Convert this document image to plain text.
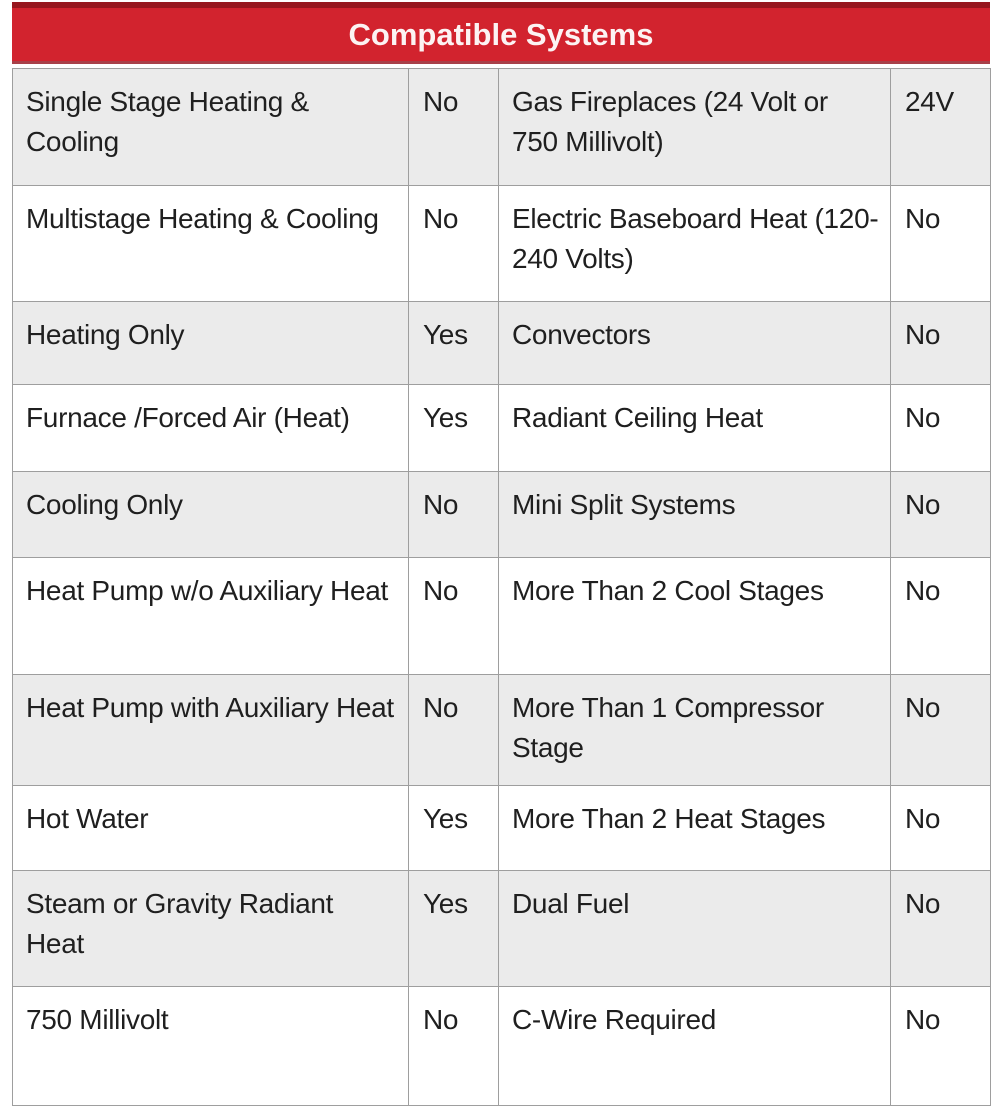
Compatible Systems
Single Stage Heating & Cooling	No	Gas Fireplaces (24 Volt or 750 Millivolt)	24V
Multistage Heating & Cooling	No	Electric Baseboard Heat (120-240 Volts)	No
Heating Only	Yes	Convectors	No
Furnace /Forced Air (Heat)	Yes	Radiant Ceiling Heat	No
Cooling Only	No	Mini Split Systems	No
Heat Pump w/o Auxiliary Heat	No	More Than 2 Cool Stages	No
Heat Pump with Auxiliary Heat	No	More Than 1 Compressor Stage	No
Hot Water	Yes	More Than 2 Heat Stages	No
Steam or Gravity Radiant Heat	Yes	Dual Fuel	No
750 Millivolt	No	C-Wire Required	No
